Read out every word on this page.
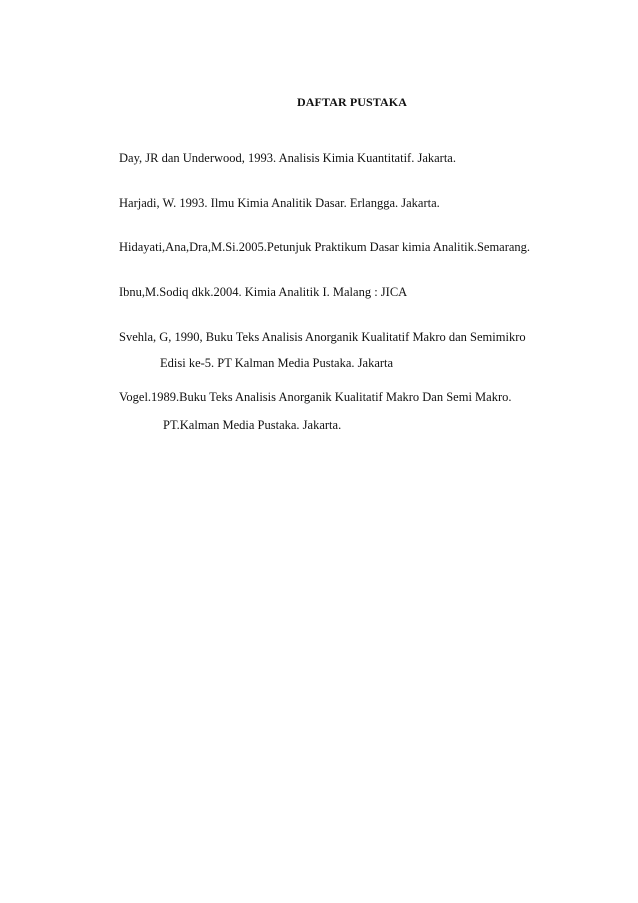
DAFTAR PUSTAKA
Day, JR dan Underwood, 1993. Analisis Kimia Kuantitatif. Jakarta.
Harjadi, W. 1993. Ilmu Kimia Analitik Dasar. Erlangga. Jakarta.
Hidayati,Ana,Dra,M.Si.2005.Petunjuk Praktikum Dasar kimia Analitik.Semarang.
Ibnu,M.Sodiq dkk.2004. Kimia Analitik I. Malang : JICA
Svehla, G, 1990, Buku Teks Analisis Anorganik Kualitatif Makro dan Semimikro
Edisi ke-5. PT Kalman Media Pustaka. Jakarta
Vogel.1989.Buku Teks Analisis Anorganik Kualitatif Makro Dan Semi Makro.
PT.Kalman Media Pustaka. Jakarta.
